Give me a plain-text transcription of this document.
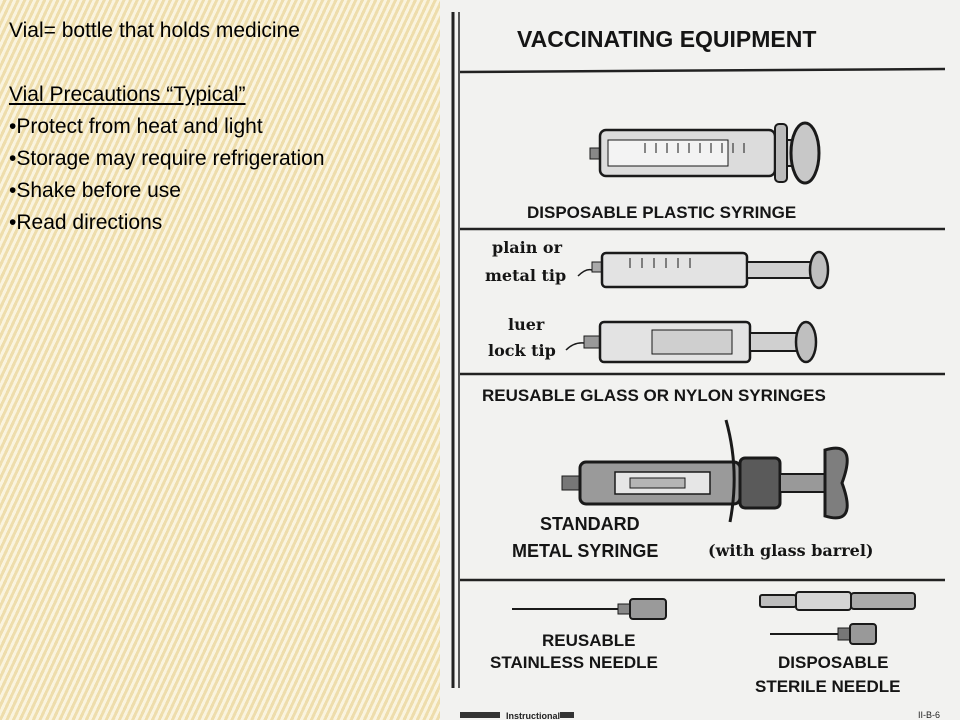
Vial= bottle that holds medicine
Vial Precautions “Typical”
• Protect from heat and light
• Storage may require refrigeration
• Shake before use
• Read directions
VACCINATING EQUIPMENT
DISPOSABLE PLASTIC SYRINGE
plain or
metal tip
luer
lock tip
REUSABLE GLASS OR NYLON SYRINGES
STANDARD
METAL SYRINGE	(with glass barrel)
REUSABLE
STAINLESS NEEDLE	DISPOSABLE
STERILE NEEDLE
Instructional	II-B-6
